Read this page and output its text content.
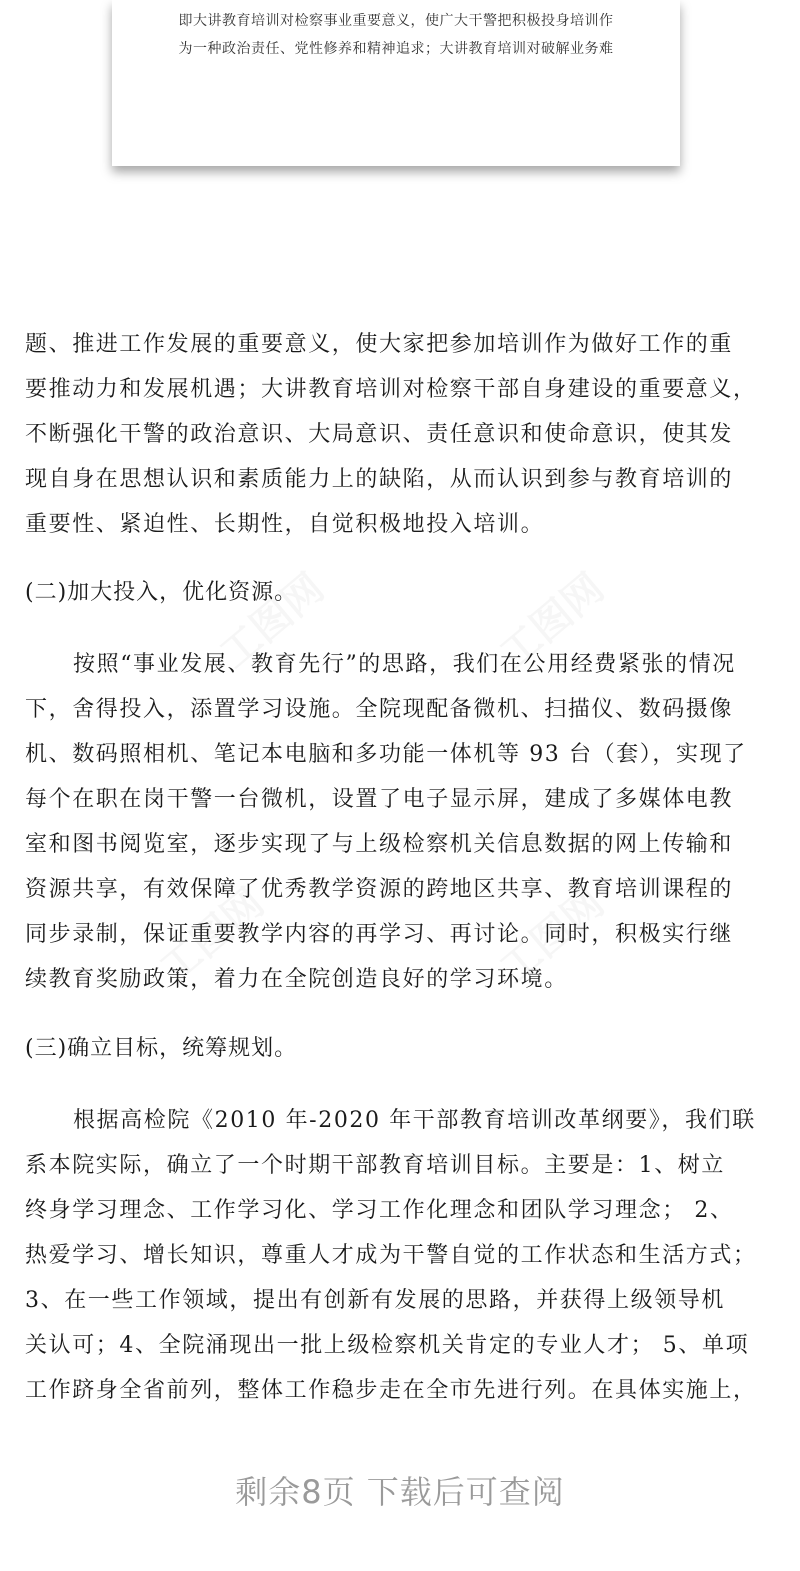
即大讲教育培训对检察事业重要意义，使广大干警把积极投身培训作
为一种政治责任、党性修养和精神追求；大讲教育培训对破解业务难
题、推进工作发展的重要意义，使大家把参加培训作为做好工作的重
要推动力和发展机遇；大讲教育培训对检察干部自身建设的重要意义，
不断强化干警的政治意识、大局意识、责任意识和使命意识，使其发
现自身在思想认识和素质能力上的缺陷，从而认识到参与教育培训的
重要性、紧迫性、长期性，自觉积极地投入培训。
(二)加大投入，优化资源。
按照“事业发展、教育先行”的思路，我们在公用经费紧张的情况
下，舍得投入，添置学习设施。全院现配备微机、扫描仪、数码摄像
机、数码照相机、笔记本电脑和多功能一体机等 93 台（套），实现了
每个在职在岗干警一台微机，设置了电子显示屏，建成了多媒体电教
室和图书阅览室，逐步实现了与上级检察机关信息数据的网上传输和
资源共享，有效保障了优秀教学资源的跨地区共享、教育培训课程的
同步录制，保证重要教学内容的再学习、再讨论。同时，积极实行继
续教育奖励政策，着力在全院创造良好的学习环境。
(三)确立目标，统筹规划。
根据高检院《2010 年-2020 年干部教育培训改革纲要》，我们联
系本院实际，确立了一个时期干部教育培训目标。主要是：1、树立
终身学习理念、工作学习化、学习工作化理念和团队学习理念； 2、
热爱学习、增长知识，尊重人才成为干警自觉的工作状态和生活方式；
3、在一些工作领域，提出有创新有发展的思路，并获得上级领导机
关认可；4、全院涌现出一批上级检察机关肯定的专业人才； 5、单项
工作跻身全省前列，整体工作稳步走在全市先进行列。在具体实施上，
剩余8页 下载后可查阅
